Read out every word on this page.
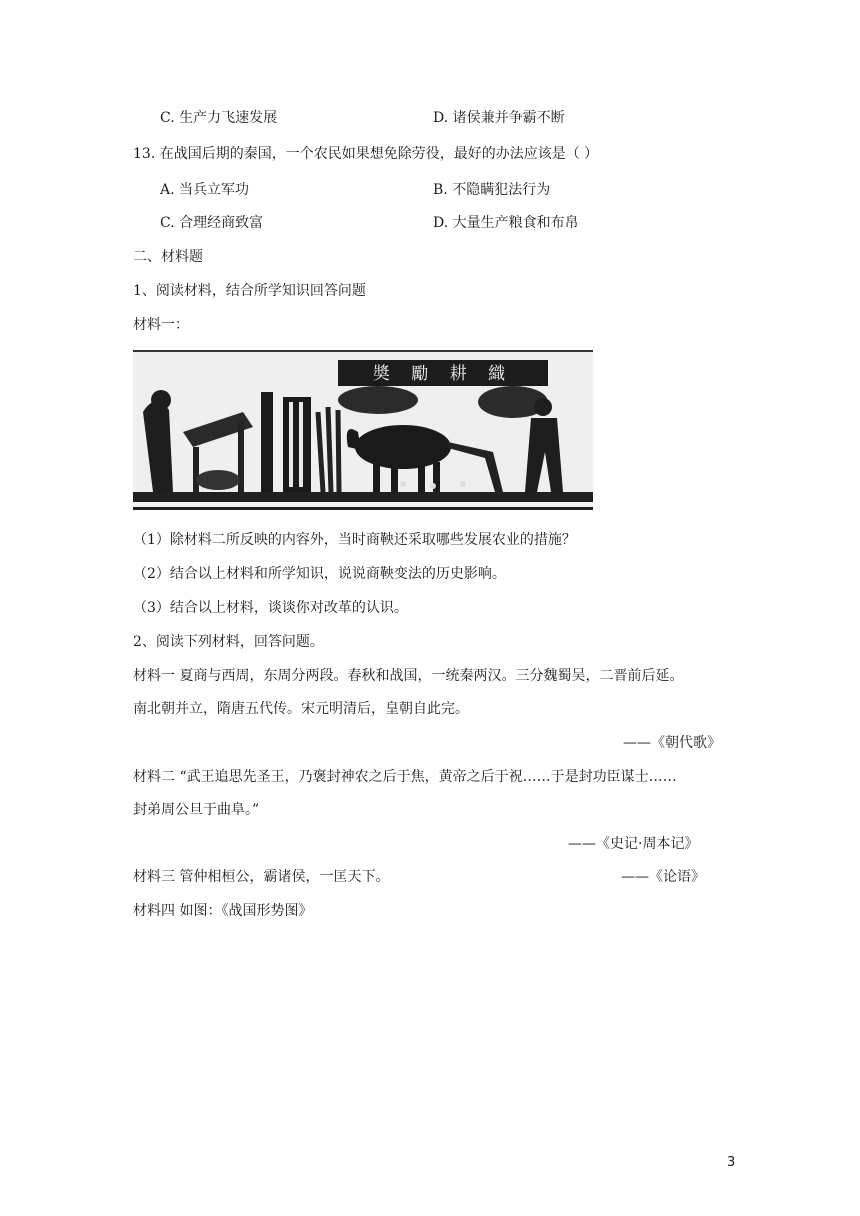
C. 生产力飞速发展	D. 诸侯兼并争霸不断
13. 在战国后期的秦国，一个农民如果想免除劳役，最好的办法应该是（ ）
A. 当兵立军功	B. 不隐瞒犯法行为
C. 合理经商致富	D. 大量生产粮食和布帛
二、材料题
1、阅读材料，结合所学知识回答问题
材料一：
奬 勵 耕 織
（1）除材料二所反映的内容外，当时商鞅还采取哪些发展农业的措施？
（2）结合以上材料和所学知识，说说商鞅变法的历史影响。
（3）结合以上材料，谈谈你对改革的认识。
2、阅读下列材料，回答问题。
材料一 夏商与西周，东周分两段。春秋和战国，一统秦两汉。三分魏蜀吴，二晋前后延。
南北朝并立，隋唐五代传。宋元明清后，皇朝自此完。
——《朝代歌》
材料二 “武王追思先圣王，乃褒封神农之后于焦，黄帝之后于祝……于是封功臣谋士……
封弟周公旦于曲阜。”
——《史记·周本记》
材料三 管仲相桓公，霸诸侯，一匡天下。	——《论语》
材料四 如图：《战国形势图》
3
